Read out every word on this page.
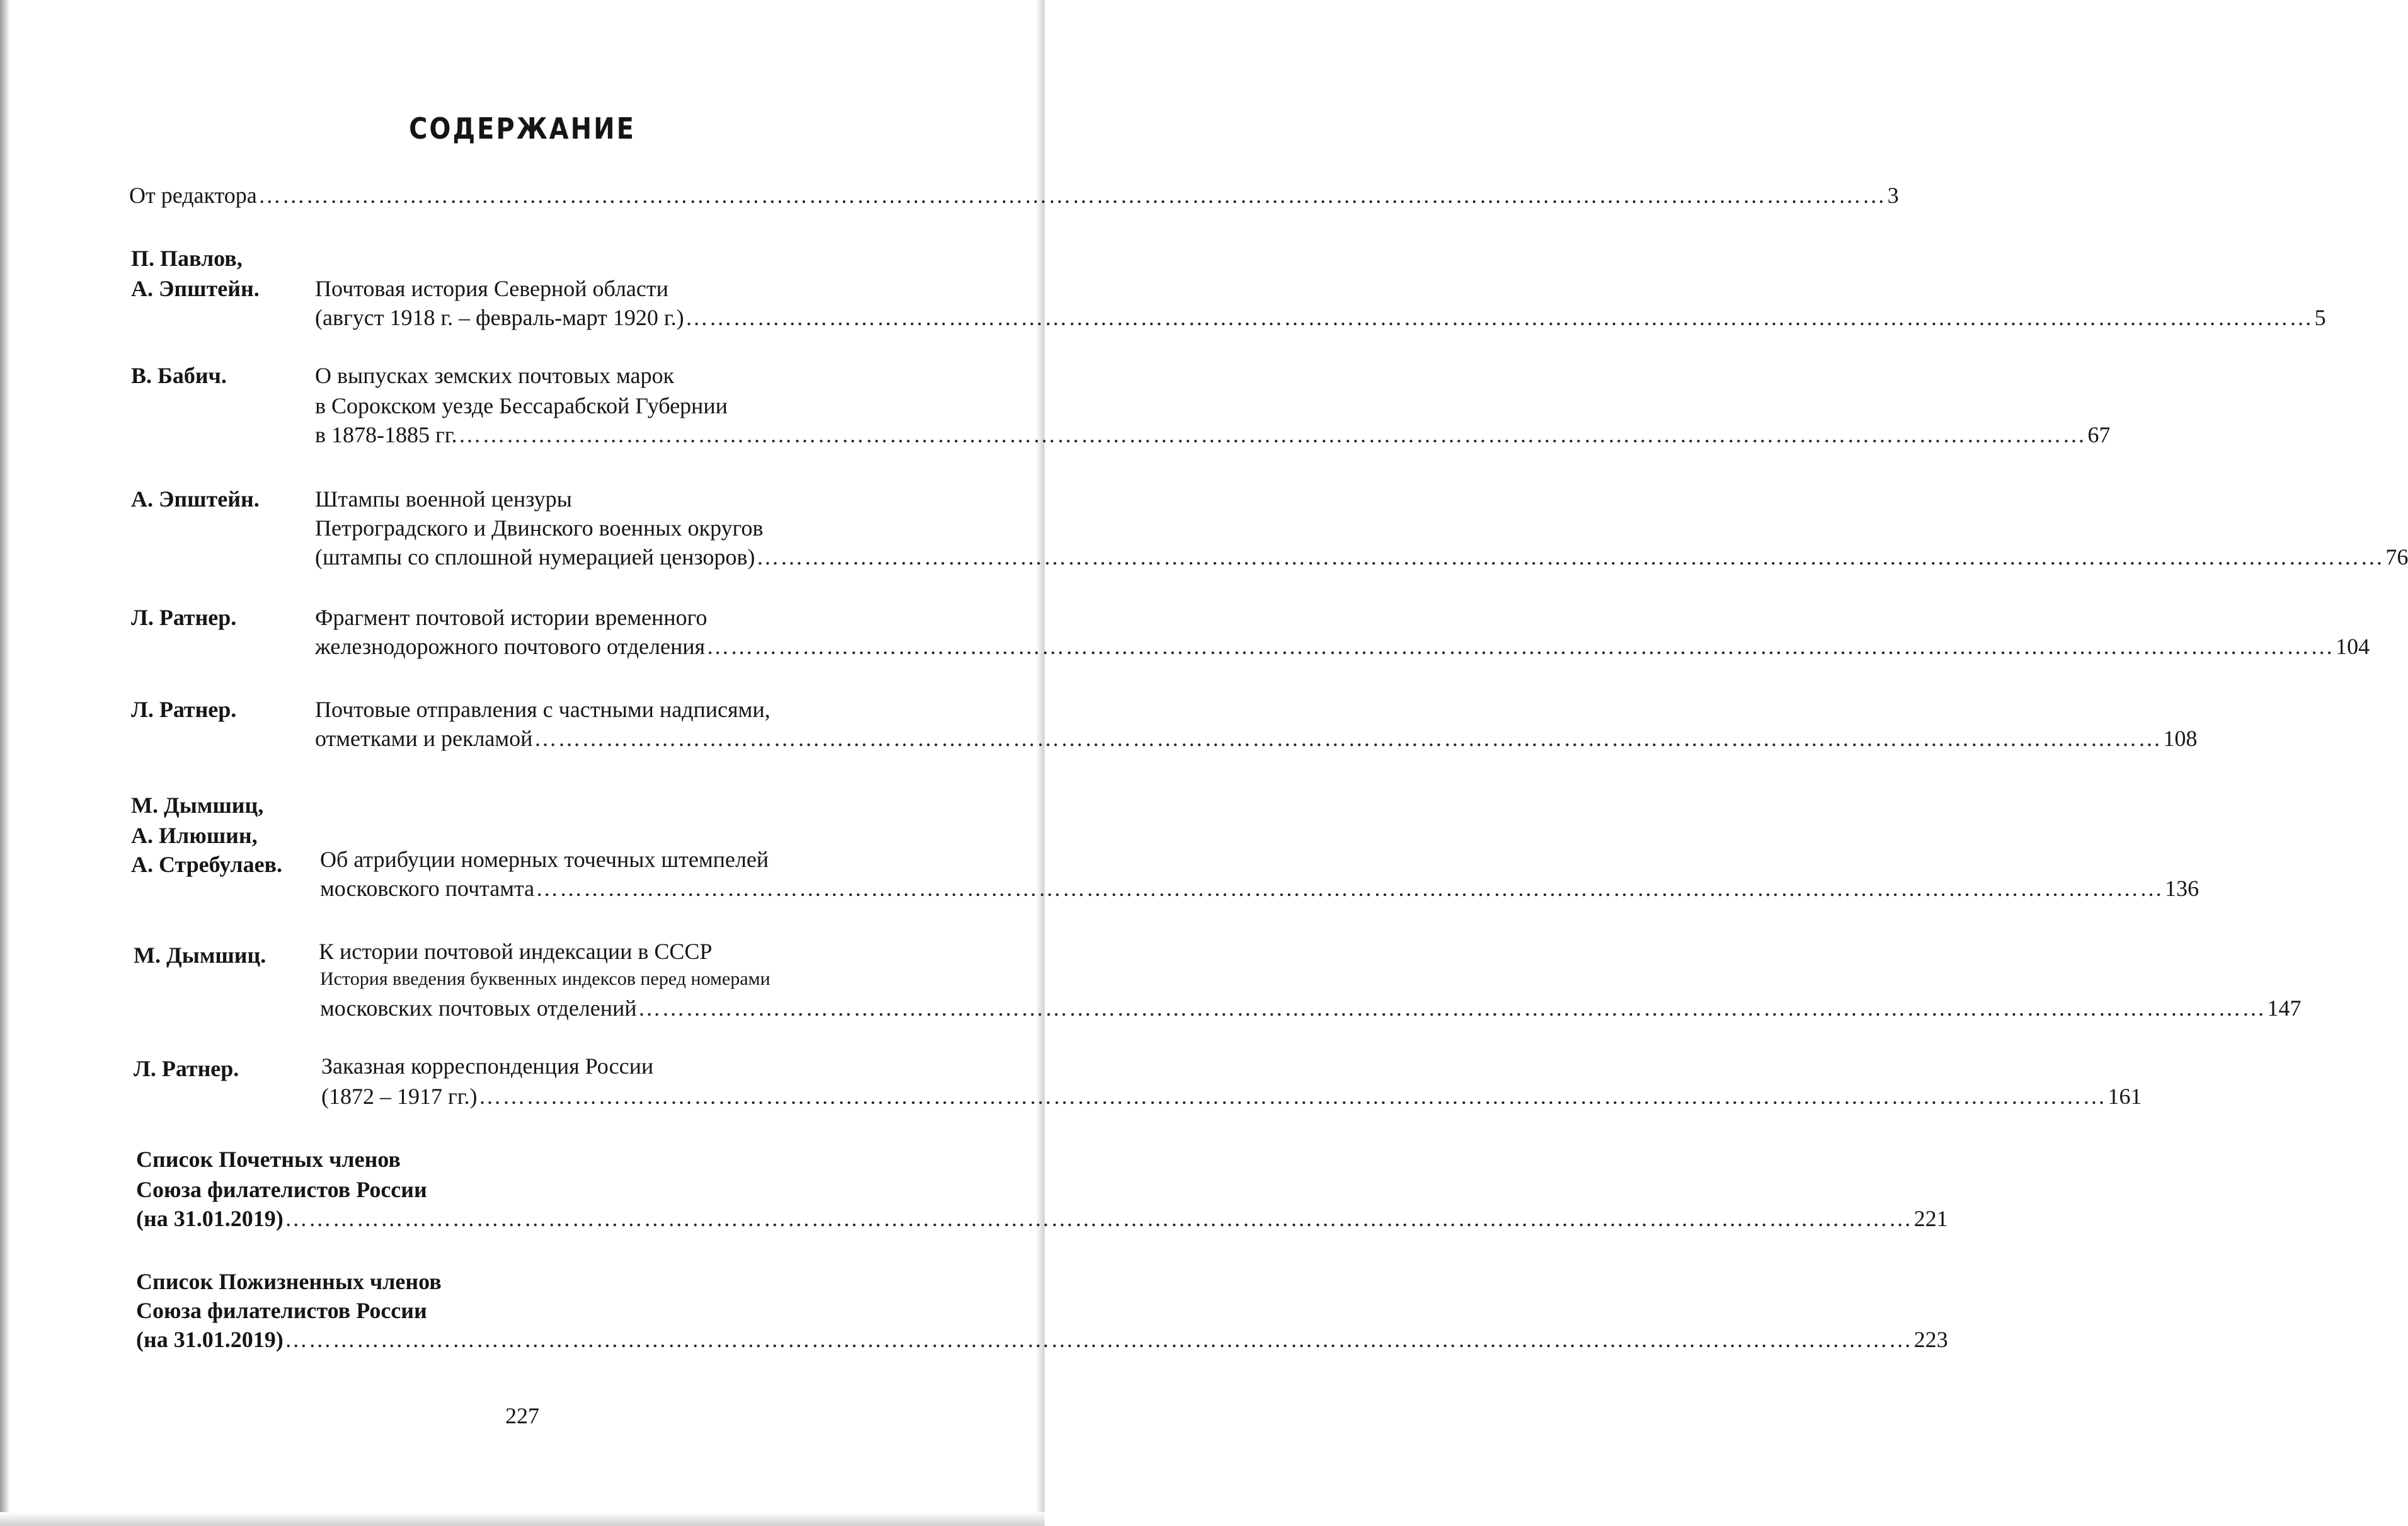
СОДЕРЖАНИЕ
От редактора …………………………………………………………………………………………………………………………………………………………………………………… 3
П. Павлов,
А. Эпштейн. Почтовая история Северной области
(август 1918 г. – февраль-март 1920 г.) …………………………………………………………………………………………………………………………………………………………………………………… 5
В. Бабич.	О выпусках земских почтовых марок
в Сорокском уезде Бессарабской Губернии
в 1878-1885 гг. …………………………………………………………………………………………………………………………………………………………………………………… 67
А. Эпштейн. Штампы военной цензуры
Петроградского и Двинского военных округов
(штампы со сплошной нумерацией цензоров) …………………………………………………………………………………………………………………………………………………………………………………… 76
Л. Ратнер.	Фрагмент почтовой истории временного
железнодорожного почтового отделения …………………………………………………………………………………………………………………………………………………………………………………… 104
Л. Ратнер.	Почтовые отправления с частными надписями,
отметками и рекламой …………………………………………………………………………………………………………………………………………………………………………………… 108
М. Дымшиц,
А. Илюшин,
А. Стребулаев. Об атрибуции номерных точечных штемпелей
московского почтамта …………………………………………………………………………………………………………………………………………………………………………………… 136
М. Дымшиц. К истории почтовой индексации в СССР
История введения буквенных индексов перед номерами
московских почтовых отделений …………………………………………………………………………………………………………………………………………………………………………………… 147
Л. Ратнер.	Заказная корреспонденция России
(1872 – 1917 гг.) …………………………………………………………………………………………………………………………………………………………………………………… 161
Список Почетных членов
Союза филателистов России
(на 31.01.2019) …………………………………………………………………………………………………………………………………………………………………………………… 221
Список Пожизненных членов
Союза филателистов России
(на 31.01.2019) …………………………………………………………………………………………………………………………………………………………………………………… 223
227
